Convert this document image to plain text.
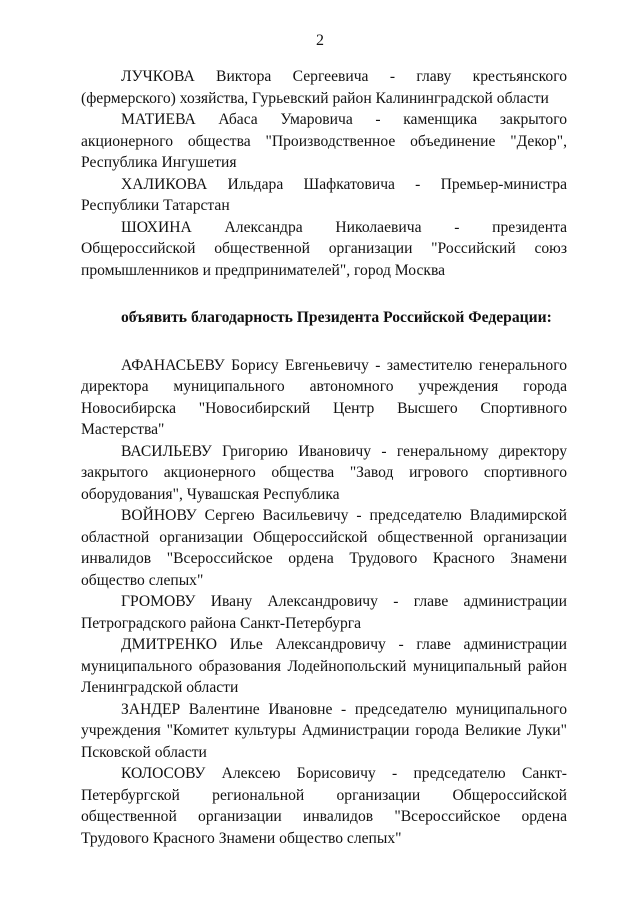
2

ЛУЧКОВА Виктора Сергеевича - главу крестьянского (фермерского) хозяйства, Гурьевский район Калининградской области

МАТИЕВА Абаса Умаровича - каменщика закрытого акционерного общества "Производственное объединение "Декор", Республика Ингушетия

ХАЛИКОВА Ильдара Шафкатовича - Премьер-министра Республики Татарстан

ШОХИНА Александра Николаевича - президента Общероссийской общественной организации "Российский союз промышленников и предпринимателей", город Москва

объявить благодарность Президента Российской Федерации:

АФАНАСЬЕВУ Борису Евгеньевичу - заместителю генерального директора муниципального автономного учреждения города Новосибирска "Новосибирский Центр Высшего Спортивного Мастерства"

ВАСИЛЬЕВУ Григорию Ивановичу - генеральному директору закрытого акционерного общества "Завод игрового спортивного оборудования", Чувашская Республика

ВОЙНОВУ Сергею Васильевичу - председателю Владимирской областной организации Общероссийской общественной организации инвалидов "Всероссийское ордена Трудового Красного Знамени общество слепых"

ГРОМОВУ Ивану Александровичу - главе администрации Петроградского района Санкт-Петербурга

ДМИТРЕНКО Илье Александровичу - главе администрации муниципального образования Лодейнопольский муниципальный район Ленинградской области

ЗАНДЕР Валентине Ивановне - председателю муниципального учреждения "Комитет культуры Администрации города Великие Луки" Псковской области

КОЛОСОВУ Алексею Борисовичу - председателю Санкт-Петербургской региональной организации Общероссийской общественной организации инвалидов "Всероссийское ордена Трудового Красного Знамени общество слепых"
